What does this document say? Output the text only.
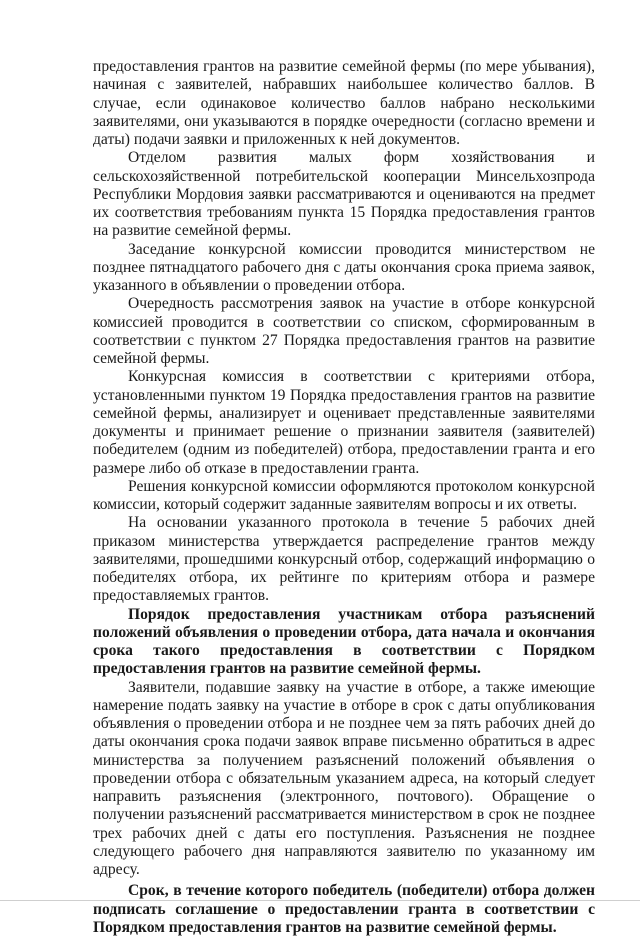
предоставления грантов на развитие семейной фермы (по мере убывания), начиная с заявителей, набравших наибольшее количество баллов. В случае, если одинаковое количество баллов набрано несколькими заявителями, они указываются в порядке очередности (согласно времени и даты) подачи заявки и приложенных к ней документов.

Отделом развития малых форм хозяйствования и сельскохозяйственной потребительской кооперации Минсельхозпрода Республики Мордовия заявки рассматриваются и оцениваются на предмет их соответствия требованиям пункта 15 Порядка предоставления грантов на развитие семейной фермы.

Заседание конкурсной комиссии проводится министерством не позднее пятнадцатого рабочего дня с даты окончания срока приема заявок, указанного в объявлении о проведении отбора.

Очередность рассмотрения заявок на участие в отборе конкурсной комиссией проводится в соответствии со списком, сформированным в соответствии с пунктом 27 Порядка предоставления грантов на развитие семейной фермы.

Конкурсная комиссия в соответствии с критериями отбора, установленными пунктом 19 Порядка предоставления грантов на развитие семейной фермы, анализирует и оценивает представленные заявителями документы и принимает решение о признании заявителя (заявителей) победителем (одним из победителей) отбора, предоставлении гранта и его размере либо об отказе в предоставлении гранта.

Решения конкурсной комиссии оформляются протоколом конкурсной комиссии, который содержит заданные заявителям вопросы и их ответы.

На основании указанного протокола в течение 5 рабочих дней приказом министерства утверждается распределение грантов между заявителями, прошедшими конкурсный отбор, содержащий информацию о победителях отбора, их рейтинге по критериям отбора и размере предоставляемых грантов.

Порядок предоставления участникам отбора разъяснений положений объявления о проведении отбора, дата начала и окончания срока такого предоставления в соответствии с Порядком предоставления грантов на развитие семейной фермы.

Заявители, подавшие заявку на участие в отборе, а также имеющие намерение подать заявку на участие в отборе в срок с даты опубликования объявления о проведении отбора и не позднее чем за пять рабочих дней до даты окончания срока подачи заявок вправе письменно обратиться в адрес министерства за получением разъяснений положений объявления о проведении отбора с обязательным указанием адреса, на который следует направить разъяснения (электронного, почтового). Обращение о получении разъяснений рассматривается министерством в срок не позднее трех рабочих дней с даты его поступления. Разъяснения не позднее следующего рабочего дня направляются заявителю по указанному им адресу.

Срок, в течение которого победитель (победители) отбора должен подписать соглашение о предоставлении гранта в соответствии с Порядком предоставления грантов на развитие семейной фермы.
